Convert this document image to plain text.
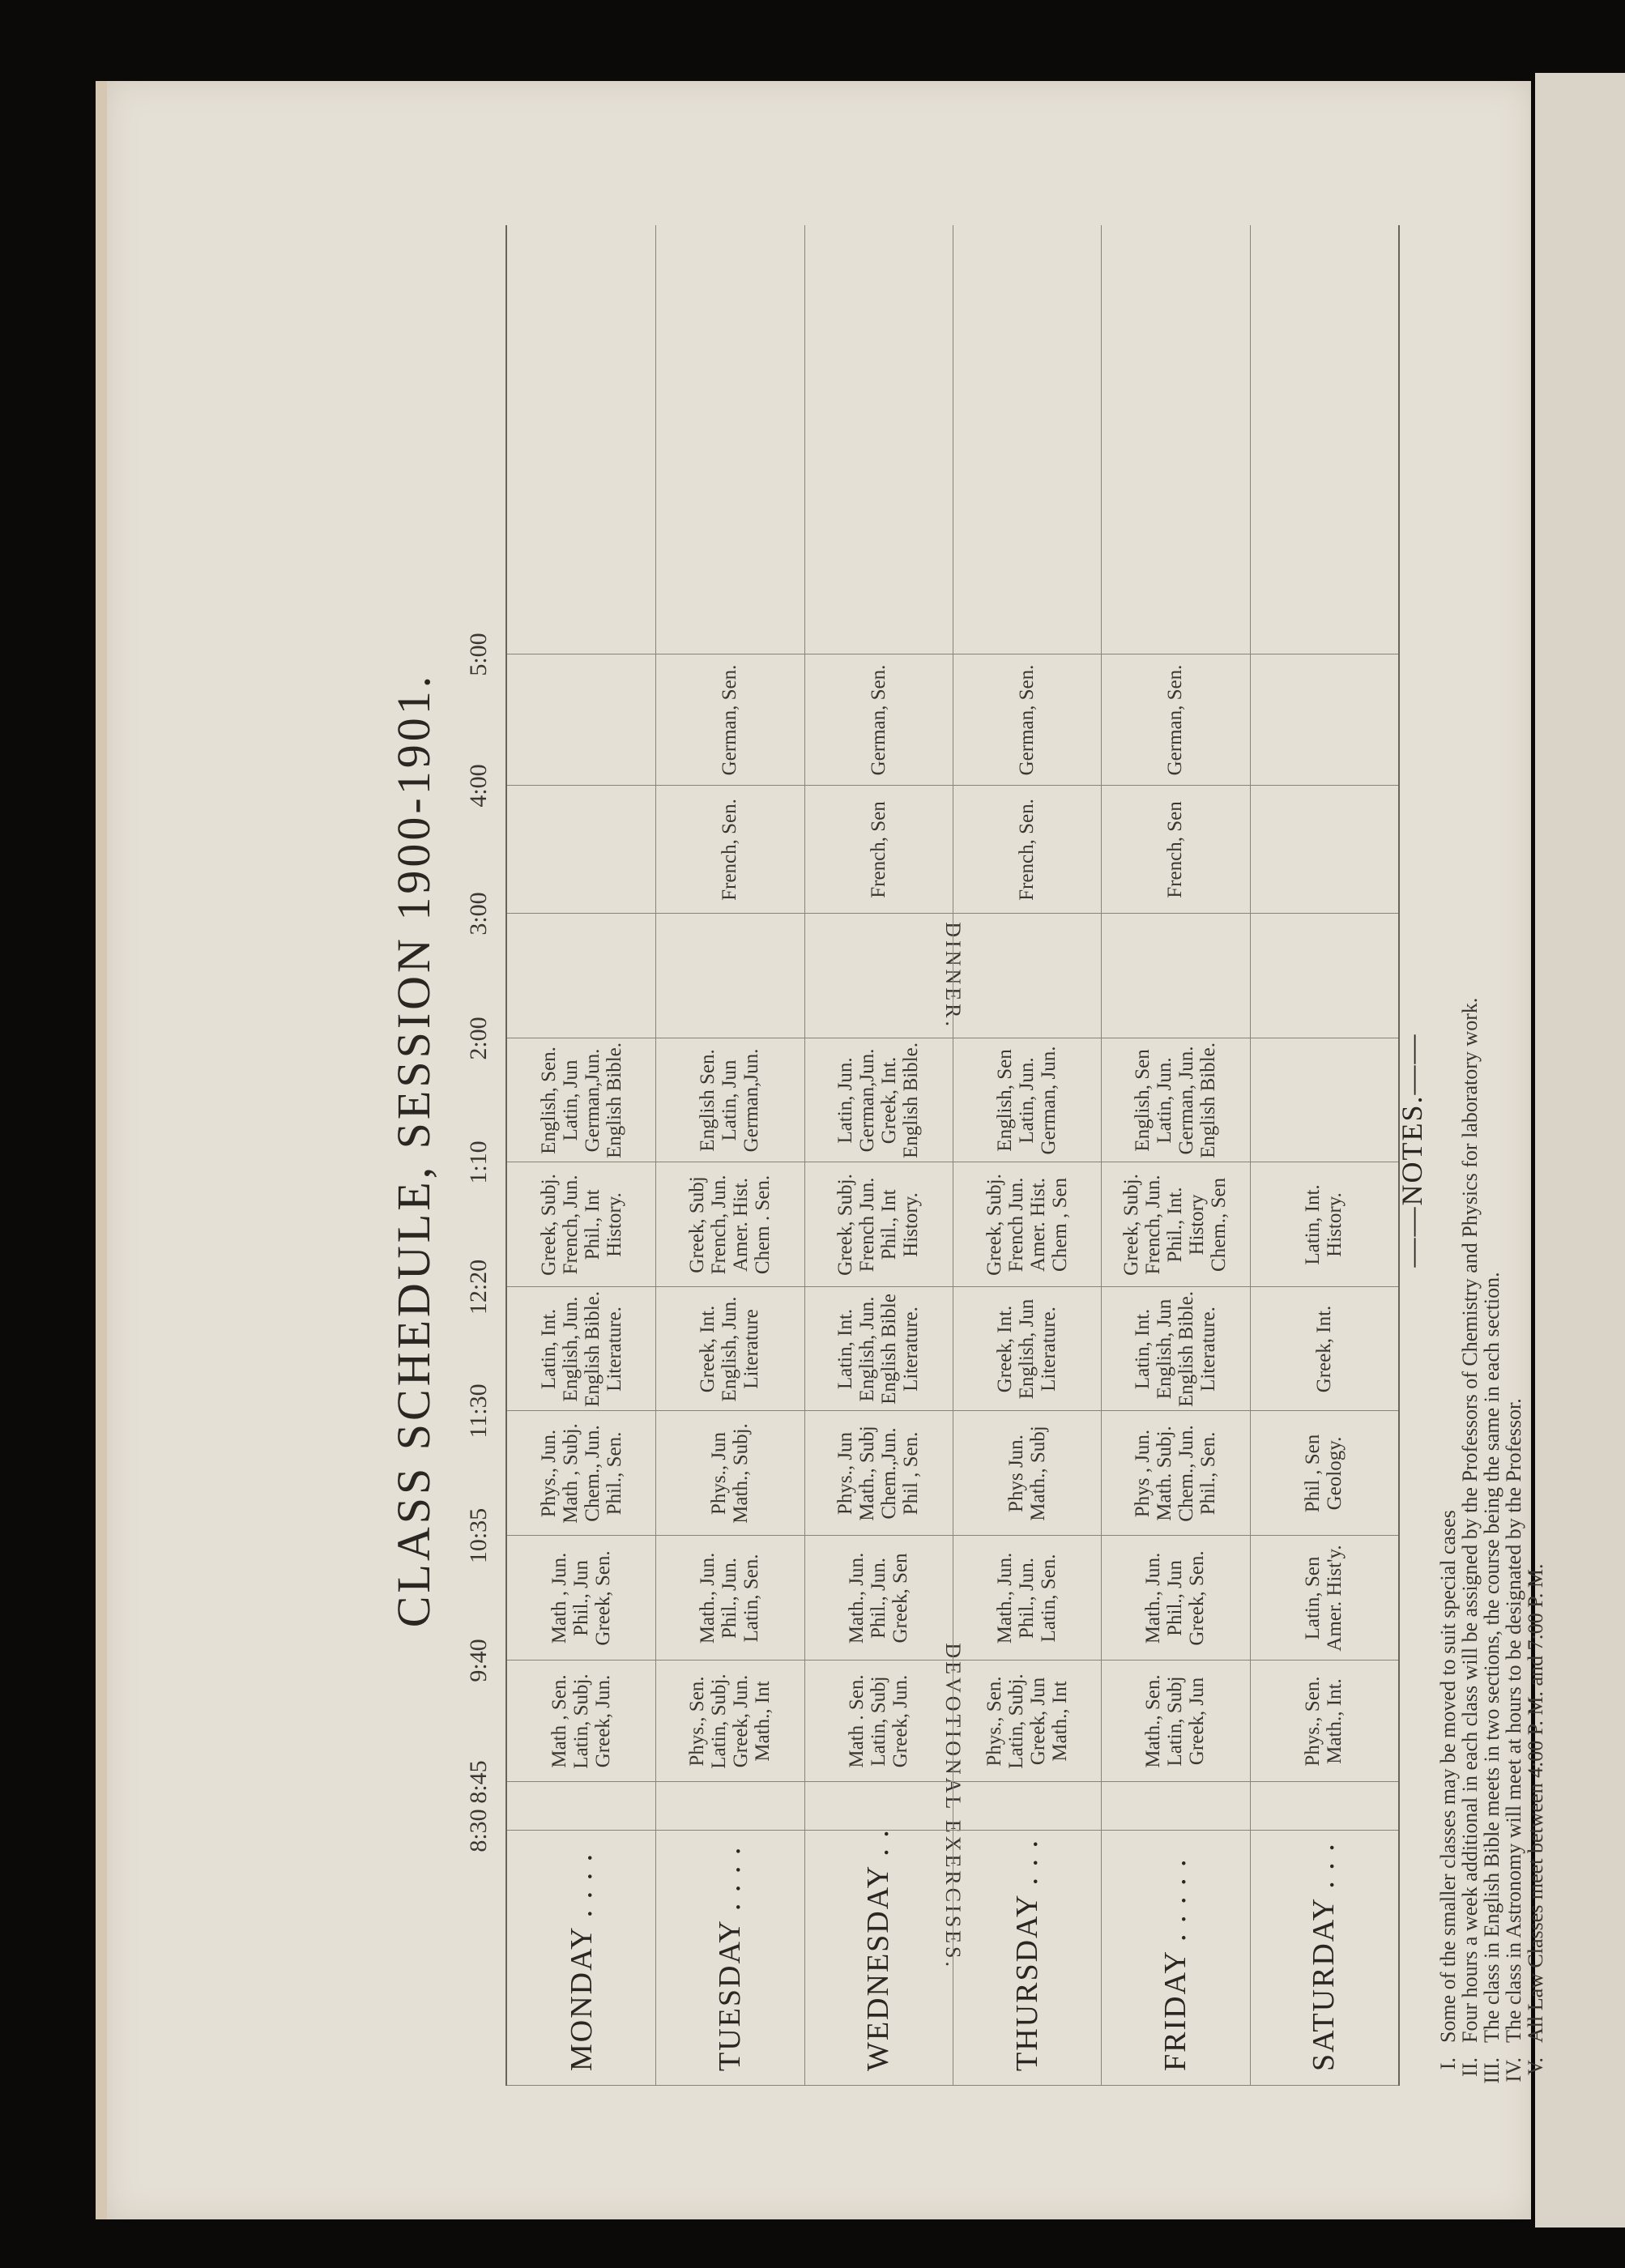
CLASS SCHEDULE, SESSION 1900-1901.
8:30
8:45
9:40
10:35
11:30
12:20
1:10
2:00
3:00
4:00
5:00
DEVOTIONAL EXERCISES.
DINNER.
MONDAY . . . .
Math , Sen. Latin, Subj. Greek, Jun.
Math , Jun. Phil., Jun Greek, Sen.
Phys., Jun. Math , Subj. Chem., Jun. Phil., Sen.
Latin, Int. English, Jun. English Bible. Literature.
Greek, Subj. French, Jun. Phil., Int History.
English, Sen. Latin, Jun German,Jun. English Bible.
TUESDAY . . . .
Phys., Sen. Latin, Subj. Greek, Jun. Math., Int
Math., Jun. Phil., Jun. Latin, Sen.
Phys., Jun Math., Subj.
Greek, Int. English, Jun. Literature
Greek, Subj French, Jun. Amer. Hist. Chem . Sen.
English Sen. Latin, Jun German,Jun.
French, Sen.
German, Sen.
WEDNESDAY . .
Math . Sen. Latin, Subj Greek, Jun.
Math., Jun. Phil., Jun. Greek, Sen
Phys., Jun Math., Subj Chem.,Jun. Phil , Sen.
Latin, Int. English, Jun. English Bible Literature.
Greek, Subj. French Jun. Phil., Int History.
Latin, Jun. German,Jun. Greek, Int. English Bible.
French, Sen
German, Sen.
THURSDAY . . .
Phys., Sen. Latin, Subj. Greek, Jun Math., Int
Math., Jun. Phil., Jun. Latin, Sen.
Phys Jun. Math., Subj
Greek, Int. English, Jun Literature.
Greek, Subj. French Jun. Amer. Hist. Chem , Sen
English, Sen Latin, Jun. German, Jun.
French, Sen.
German, Sen.
FRIDAY . . . . .
Math., Sen. Latin, Subj Greek, Jun
Math., Jun. Phil., Jun Greek, Sen.
Phys , Jun. Math. Subj. Chem., Jun. Phil., Sen.
Latin, Int. English, Jun English Bible. Literature.
Greek, Subj. French, Jun. Phil., Int. History Chem., Sen
English, Sen Latin, Jun. German, Jun. English Bible.
French, Sen
German, Sen.
SATURDAY . . .
Phys., Sen. Math., Int.
Latin, Sen Amer. Hist'y.
Phil , Sen Geology.
Greek, Int.
Latin, Int. History. ——NOTES.——
I.
Some of the smaller classes may be moved to suit special cases
II.
Four hours a week additional in each class will be assigned by the Professors of Chemistry and Physics for laboratory work.
III.
The class in English Bible meets in two sections, the course being the same in each section.
IV.
The class in Astronomy will meet at hours to be designated by the Professor.
V.
All Law Classes meet between 4:00 P. M. and 7:00 P. M.
